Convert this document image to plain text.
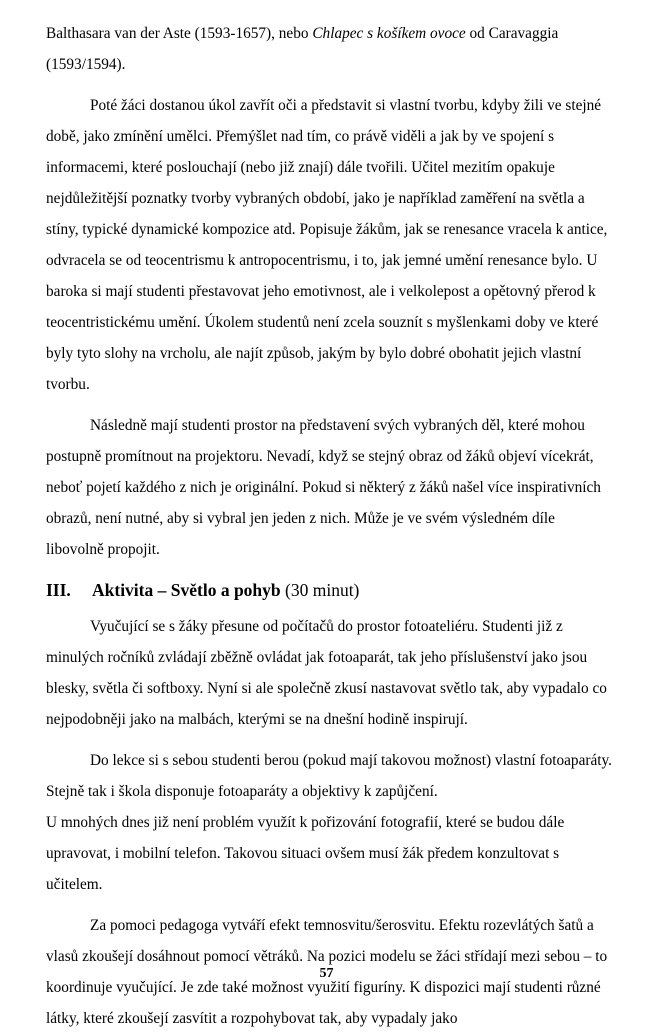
Balthasara van der Aste (1593-1657), nebo Chlapec s košíkem ovoce od Caravaggia (1593/1594).

Poté žáci dostanou úkol zavřít oči a představit si vlastní tvorbu, kdyby žili ve stejné době, jako zmínění umělci. Přemýšlet nad tím, co právě viděli a jak by ve spojení s informacemi, které poslouchají (nebo již znají) dále tvořili. Učitel mezitím opakuje nejdůležitější poznatky tvorby vybraných období, jako je například zaměření na světla a stíny, typické dynamické kompozice atd. Popisuje žákům, jak se renesance vracela k antice, odvracela se od teocentrismu k antropocentrismu, i to, jak jemné umění renesance bylo. U baroka si mají studenti přestavovat jeho emotivnost, ale i velkolepost a opětovný přerod k teocentristickému umění. Úkolem studentů není zcela souznít s myšlenkami doby ve které byly tyto slohy na vrcholu, ale najít způsob, jakým by bylo dobré obohatit jejich vlastní tvorbu.

Následně mají studenti prostor na představení svých vybraných děl, které mohou postupně promítnout na projektoru. Nevadí, když se stejný obraz od žáků objeví vícekrát, neboť pojetí každého z nich je originální. Pokud si některý z žáků našel více inspirativních obrazů, není nutné, aby si vybral jen jeden z nich. Může je ve svém výsledném díle libovolně propojit.

III. Aktivita – Světlo a pohyb (30 minut)

Vyučující se s žáky přesune od počítačů do prostor fotoateliéru. Studenti již z minulých ročníků zvládají zběžně ovládat jak fotoaparát, tak jeho příslušenství jako jsou blesky, světla či softboxy. Nyní si ale společně zkusí nastavovat světlo tak, aby vypadalo co nejpodobněji jako na malbách, kterými se na dnešní hodině inspirují.

Do lekce si s sebou studenti berou (pokud mají takovou možnost) vlastní fotoaparáty. Stejně tak i škola disponuje fotoaparáty a objektivy k zapůjčení.
U mnohých dnes již není problém využít k pořizování fotografií, které se budou dále upravovat, i mobilní telefon. Takovou situaci ovšem musí žák předem konzultovat s učitelem.

Za pomoci pedagoga vytváří efekt temnosvitu/šerosvitu. Efektu rozevlátých šatů a vlasů zkoušejí dosáhnout pomocí větráků. Na pozici modelu se žáci střídají mezi sebou – to koordinuje vyučující. Je zde také možnost využití figuríny. K dispozici mají studenti různé látky, které zkoušejí zasvítit a rozpohybovat tak, aby vypadaly jako

57
